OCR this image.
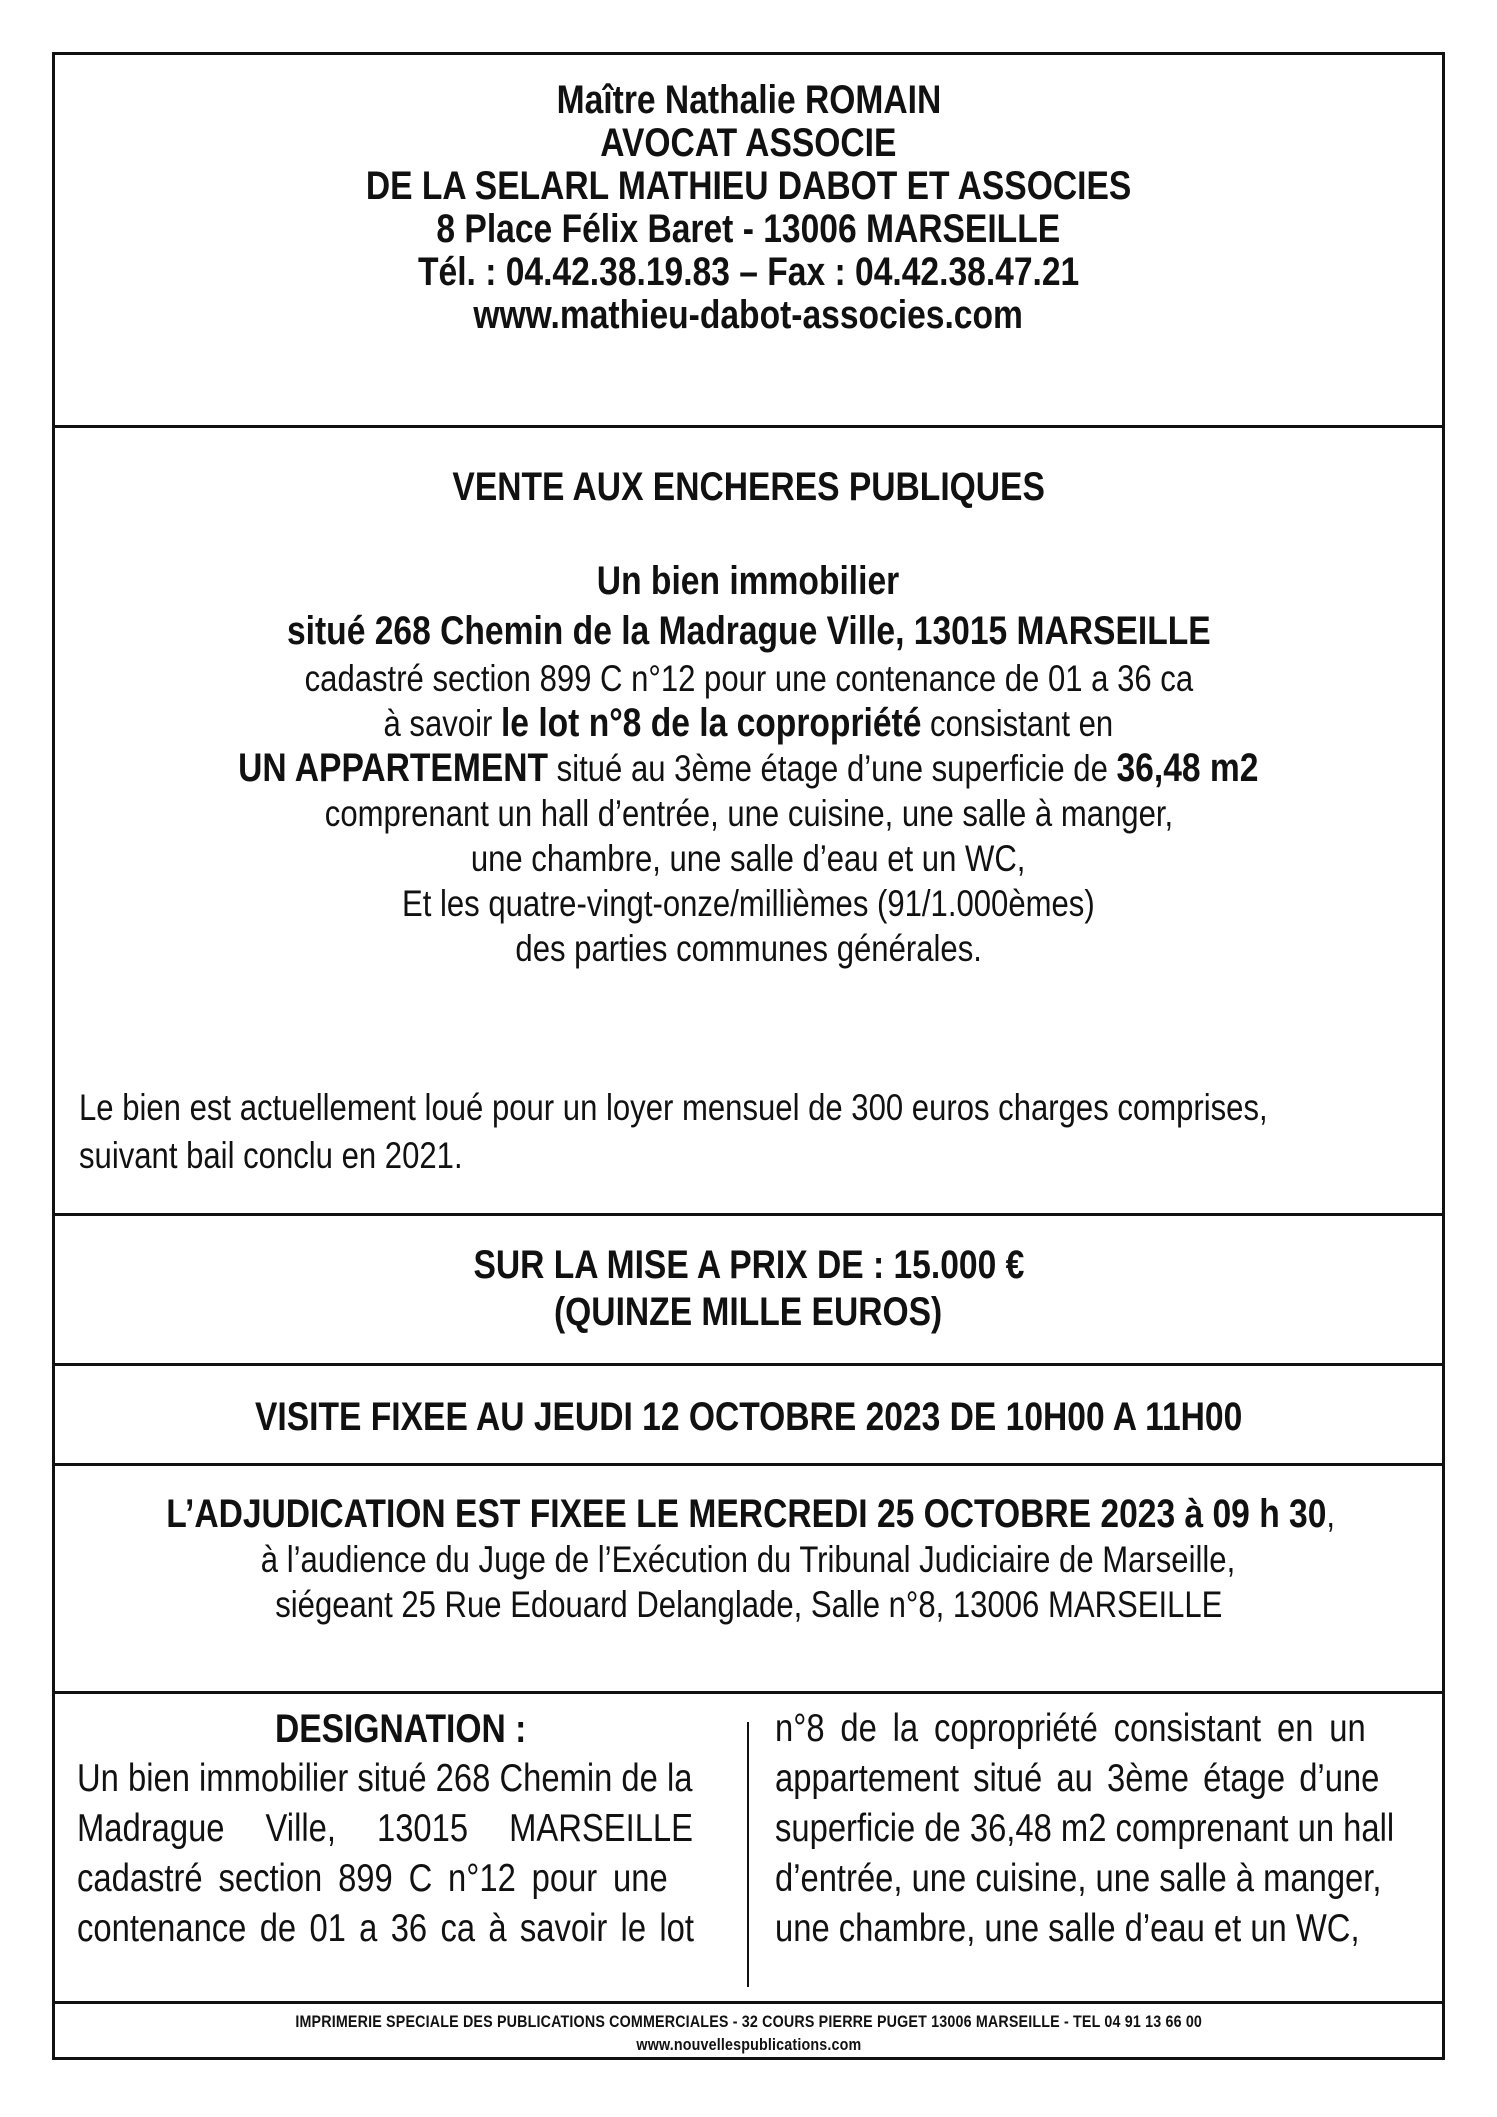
Maître Nathalie ROMAIN
AVOCAT ASSOCIE
DE LA SELARL MATHIEU DABOT ET ASSOCIES
8 Place Félix Baret - 13006 MARSEILLE
Tél. : 04.42.38.19.83 – Fax : 04.42.38.47.21
www.mathieu-dabot-associes.com
VENTE AUX ENCHERES PUBLIQUES
Un bien immobilier
situé 268 Chemin de la Madrague Ville, 13015 MARSEILLE
cadastré section 899 C n°12 pour une contenance de 01 a 36 ca
à savoir le lot n°8 de la copropriété consistant en
UN APPARTEMENT situé au 3ème étage d’une superficie de 36,48 m2
comprenant un hall d’entrée, une cuisine, une salle à manger,
une chambre, une salle d’eau et un WC,
Et les quatre-vingt-onze/millièmes (91/1.000èmes)
des parties communes générales.
Le bien est actuellement loué pour un loyer mensuel de 300 euros charges comprises,
suivant bail conclu en 2021.
SUR LA MISE A PRIX DE : 15.000 €
(QUINZE MILLE EUROS)
VISITE FIXEE AU JEUDI 12 OCTOBRE 2023 DE 10H00 A 11H00
L’ADJUDICATION EST FIXEE LE MERCREDI 25 OCTOBRE 2023 à 09 h 30,
à l’audience du Juge de l’Exécution du Tribunal Judiciaire de Marseille,
siégeant 25 Rue Edouard Delanglade, Salle n°8, 13006 MARSEILLE
DESIGNATION :
Un bien immobilier situé 268 Chemin de la
Madrague Ville, 13015 MARSEILLE
cadastré section 899 C n°12 pour une
contenance de 01 a 36 ca à savoir le lot
n°8 de la copropriété consistant en un
appartement situé au 3ème étage d’une
superficie de 36,48 m2 comprenant un hall
d’entrée, une cuisine, une salle à manger,
une chambre, une salle d’eau et un WC,
IMPRIMERIE SPECIALE DES PUBLICATIONS COMMERCIALES - 32 COURS PIERRE PUGET 13006 MARSEILLE - TEL 04 91 13 66 00
www.nouvellespublications.com
